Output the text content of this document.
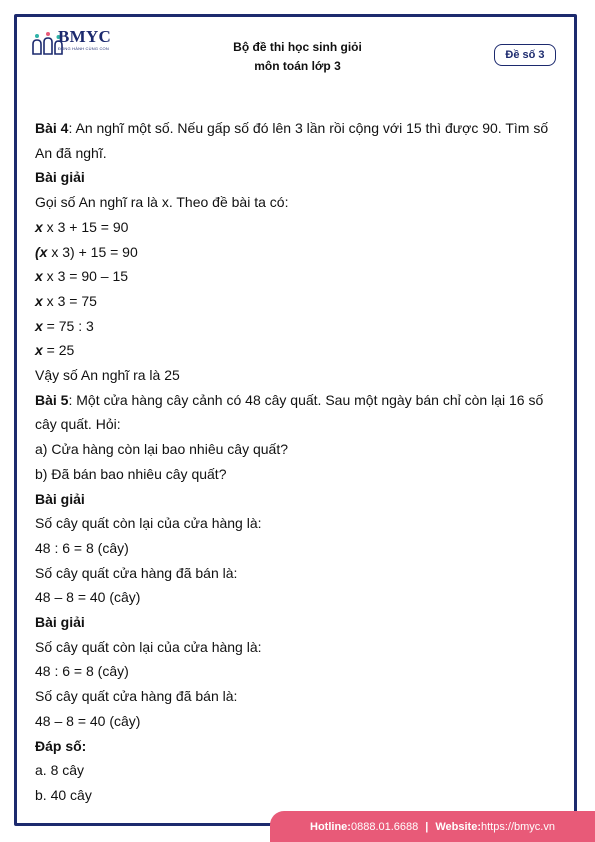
BMYC
ĐỒNG HÀNH CÙNG CON	Bộ đề thi học sinh giỏi
môn toán lớp 3
Đề số 3

Bài 4: An nghĩ một số. Nếu gấp số đó lên 3 lần rồi cộng với 15 thì được 90. Tìm số An đã nghĩ.

Bài giải

Gọi số An nghĩ ra là x. Theo đề bài ta có:

x x 3 + 15 = 90

(x x 3) + 15 = 90

x x 3 = 90 – 15

x x 3 = 75

x = 75 : 3

x = 25

Vậy số An nghĩ ra là 25

Bài 5: Một cửa hàng cây cảnh có 48 cây quất. Sau một ngày bán chỉ còn lại 16 số cây quất. Hỏi:

a) Cửa hàng còn lại bao nhiêu cây quất?

b) Đã bán bao nhiêu cây quất?

Bài giải

Số cây quất còn lại của cửa hàng là:

48 : 6 = 8 (cây)

Số cây quất cửa hàng đã bán là:

48 – 8 = 40 (cây)

Bài giải

Số cây quất còn lại của cửa hàng là:

48 : 6 = 8 (cây)

Số cây quất cửa hàng đã bán là:

48 – 8 = 40 (cây)

Đáp số:

a. 8 cây

b. 40 cây

Hotline: 0888.01.6688 | Website: https://bmyc.vn
